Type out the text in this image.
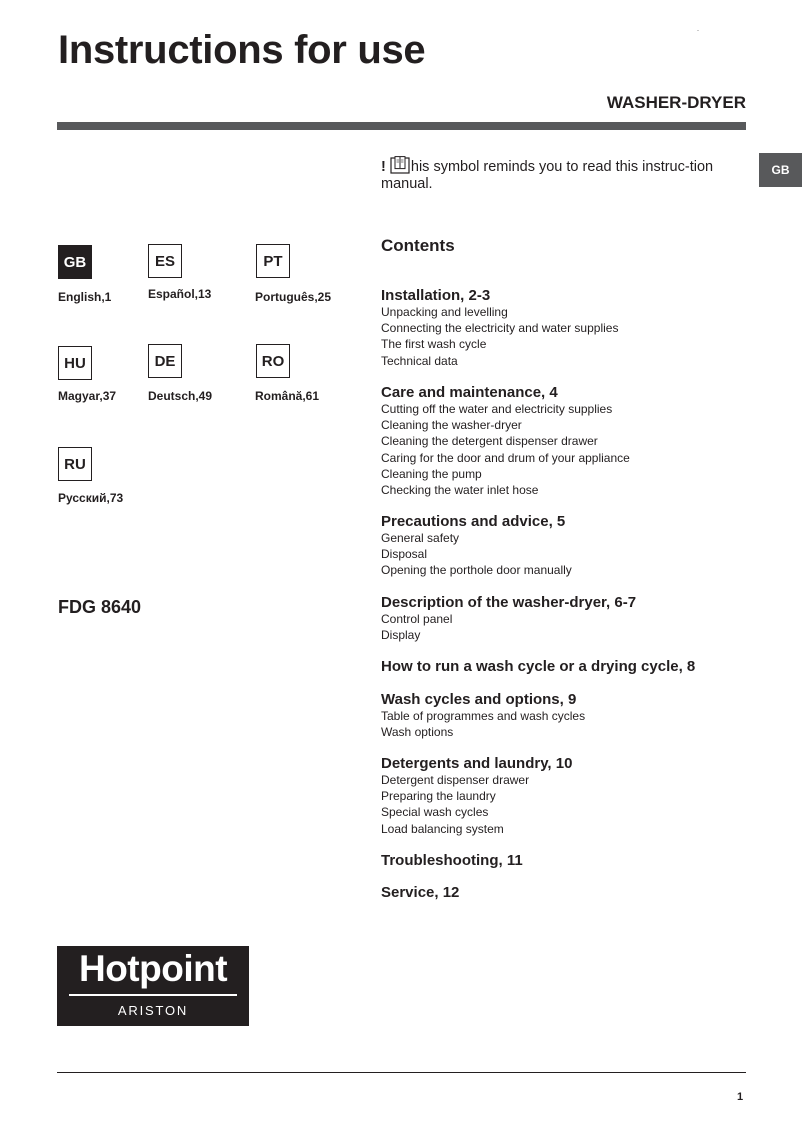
Instructions for use	-
WASHER-DRYER
GB
GB
English,1
ES
Español,13
PT
Português,25
HU
Magyar,37
DE
Deutsch,49
RO
Română,61
RU
Русский,73
FDG 8640
! his symbol reminds you to read this instruc-tion manual.
Contents
Installation, 2-3
Unpacking and levelling
Connecting the electricity and water supplies
The first wash cycle
Technical data
Care and maintenance, 4
Cutting off the water and electricity supplies
Cleaning the washer-dryer
Cleaning the detergent dispenser drawer
Caring for the door and drum of your appliance
Cleaning the pump
Checking the water inlet hose
Precautions and advice, 5
General safety
Disposal
Opening the porthole door manually
Description of the washer-dryer, 6-7
Control panel
Display
How to run a wash cycle or a drying cycle, 8
Wash cycles and options, 9
Table of programmes and wash cycles
Wash options
Detergents and laundry, 10
Detergent dispenser drawer
Preparing the laundry
Special wash cycles
Load balancing system
Troubleshooting, 11
Service, 12
Hotpoint
ARISTON
1
